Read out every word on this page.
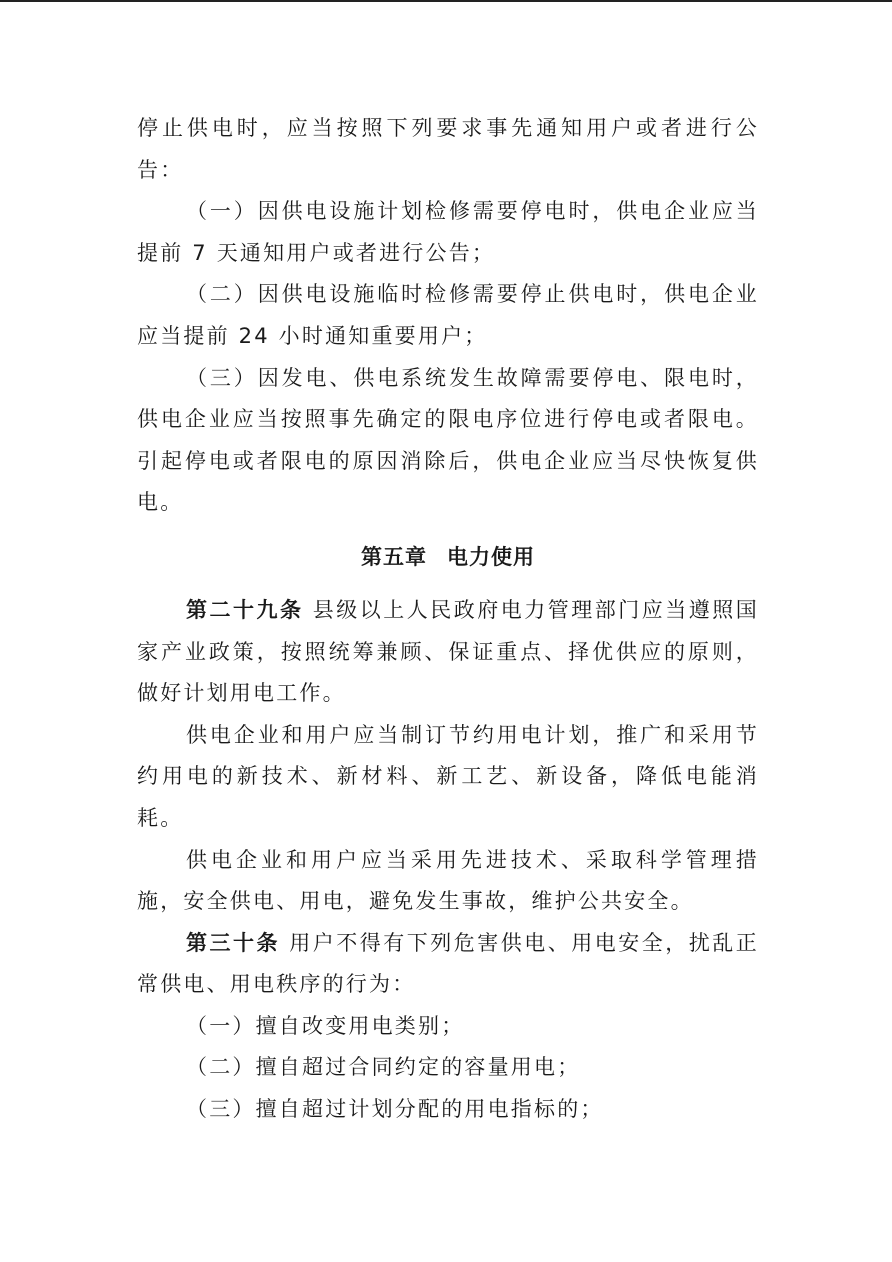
停止供电时，应当按照下列要求事先通知用户或者进行公告：

（一）因供电设施计划检修需要停电时，供电企业应当提前 7 天通知用户或者进行公告；

（二）因供电设施临时检修需要停止供电时，供电企业应当提前 24 小时通知重要用户；

（三）因发电、供电系统发生故障需要停电、限电时，供电企业应当按照事先确定的限电序位进行停电或者限电。引起停电或者限电的原因消除后，供电企业应当尽快恢复供电。

第五章 电力使用

第二十九条 县级以上人民政府电力管理部门应当遵照国家产业政策，按照统筹兼顾、保证重点、择优供应的原则，做好计划用电工作。

供电企业和用户应当制订节约用电计划，推广和采用节约用电的新技术、新材料、新工艺、新设备，降低电能消耗。

供电企业和用户应当采用先进技术、采取科学管理措施，安全供电、用电，避免发生事故，维护公共安全。

第三十条 用户不得有下列危害供电、用电安全，扰乱正常供电、用电秩序的行为：

（一）擅自改变用电类别；

（二）擅自超过合同约定的容量用电；

（三）擅自超过计划分配的用电指标的；
